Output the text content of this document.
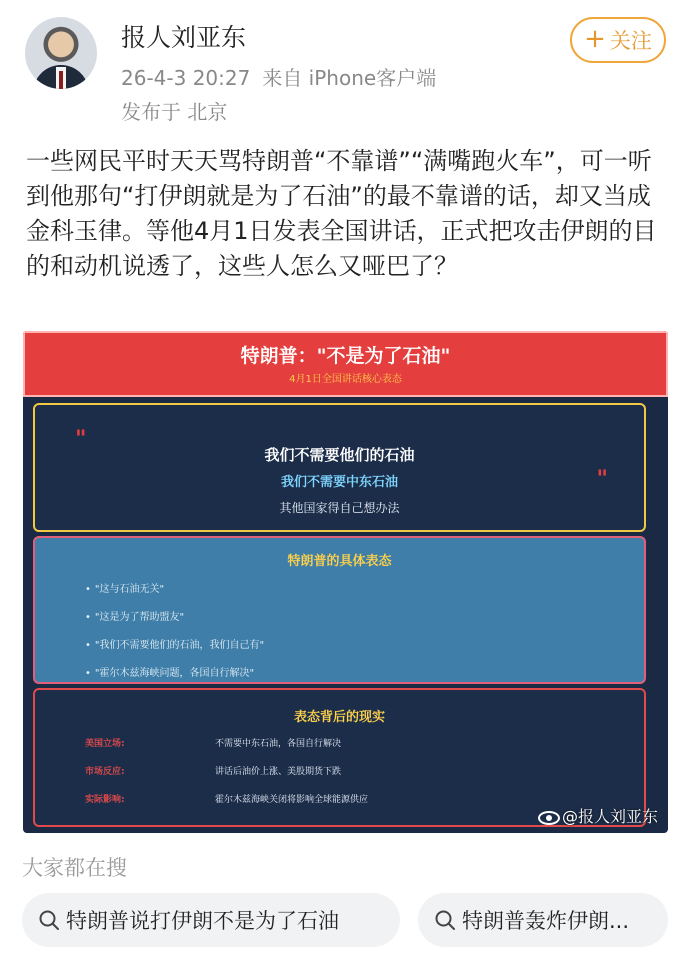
报人刘亚东
26-4-3 20:27 来自 iPhone客户端
发布于 北京
+ 关注
一些网民平时天天骂特朗普“不靠谱”“满嘴跑火车”，可一听到他那句“打伊朗就是为了石油”的最不靠谱的话，却又当成金科玉律。等他4月1日发表全国讲话，正式把攻击伊朗的目的和动机说透了，这些人怎么又哑巴了？
特朗普："不是为了石油"
4月1日全国讲话核心表态
"
"
我们不需要他们的石油
我们不需要中东石油
其他国家得自己想办法
特朗普的具体表态
• "这与石油无关"
• "这是为了帮助盟友"
• "我们不需要他们的石油，我们自己有"
• "霍尔木兹海峡问题，各国自行解决"
表态背后的现实
美国立场:	不需要中东石油，各国自行解决
市场反应:	讲话后油价上涨、美股期货下跌
实际影响:	霍尔木兹海峡关闭将影响全球能源供应
@报人刘亚东
大家都在搜
特朗普说打伊朗不是为了石油	特朗普轰炸伊朗...
